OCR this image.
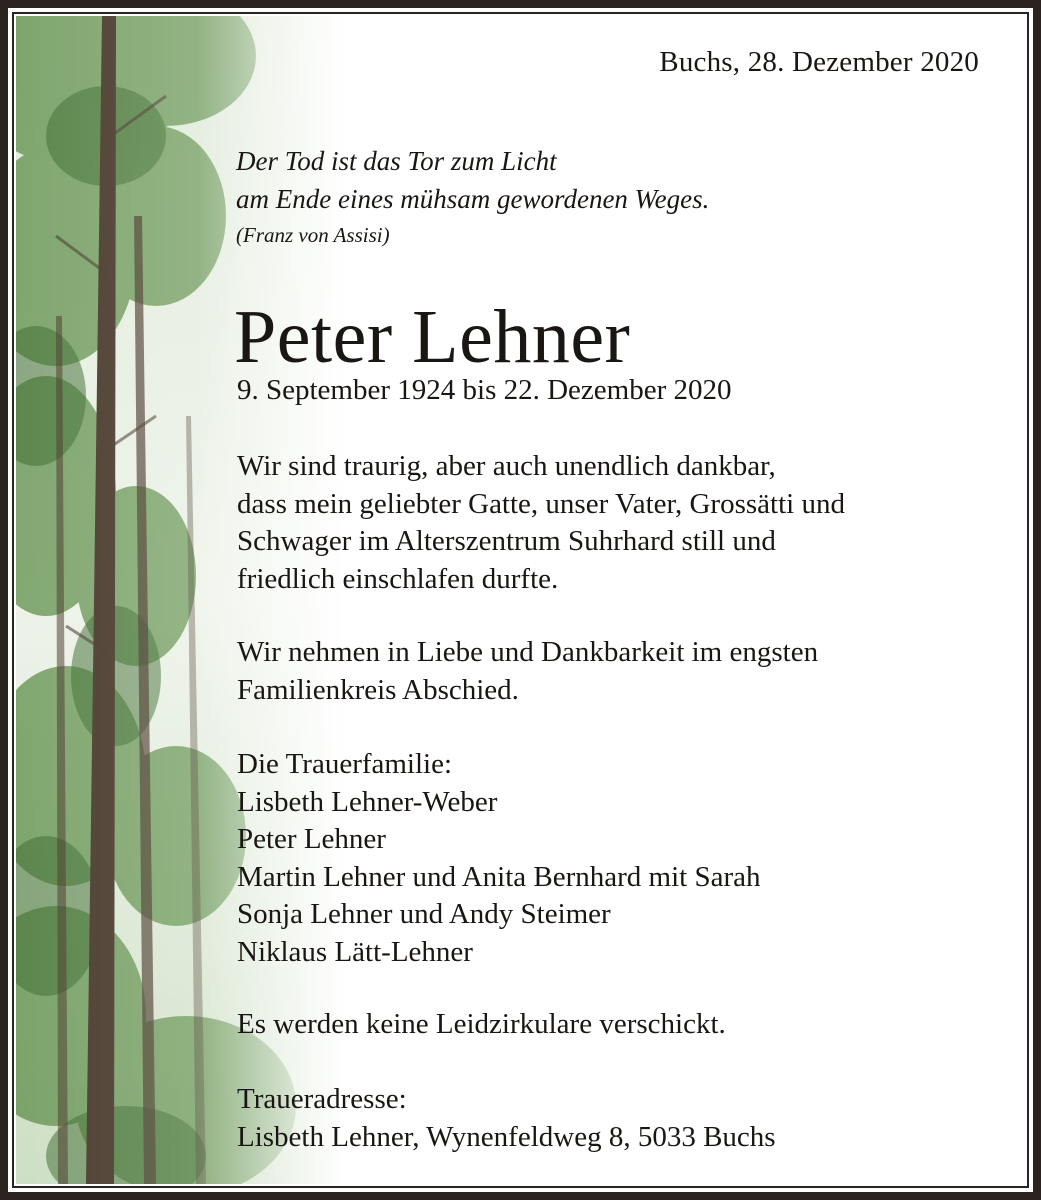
Buchs, 28. Dezember 2020
Der Tod ist das Tor zum Licht
am Ende eines mühsam gewordenen Weges.
(Franz von Assisi)
Peter Lehner
9. September 1924 bis 22. Dezember 2020
Wir sind traurig, aber auch unendlich dankbar,
dass mein geliebter Gatte, unser Vater, Grossätti und
Schwager im Alterszentrum Suhrhard still und
friedlich einschlafen durfte.
Wir nehmen in Liebe und Dankbarkeit im engsten
Familienkreis Abschied.
Die Trauerfamilie:
Lisbeth Lehner-Weber
Peter Lehner
Martin Lehner und Anita Bernhard mit Sarah
Sonja Lehner und Andy Steimer
Niklaus Lätt-Lehner
Es werden keine Leidzirkulare verschickt.
Traueradresse:
Lisbeth Lehner, Wynenfeldweg 8, 5033 Buchs
